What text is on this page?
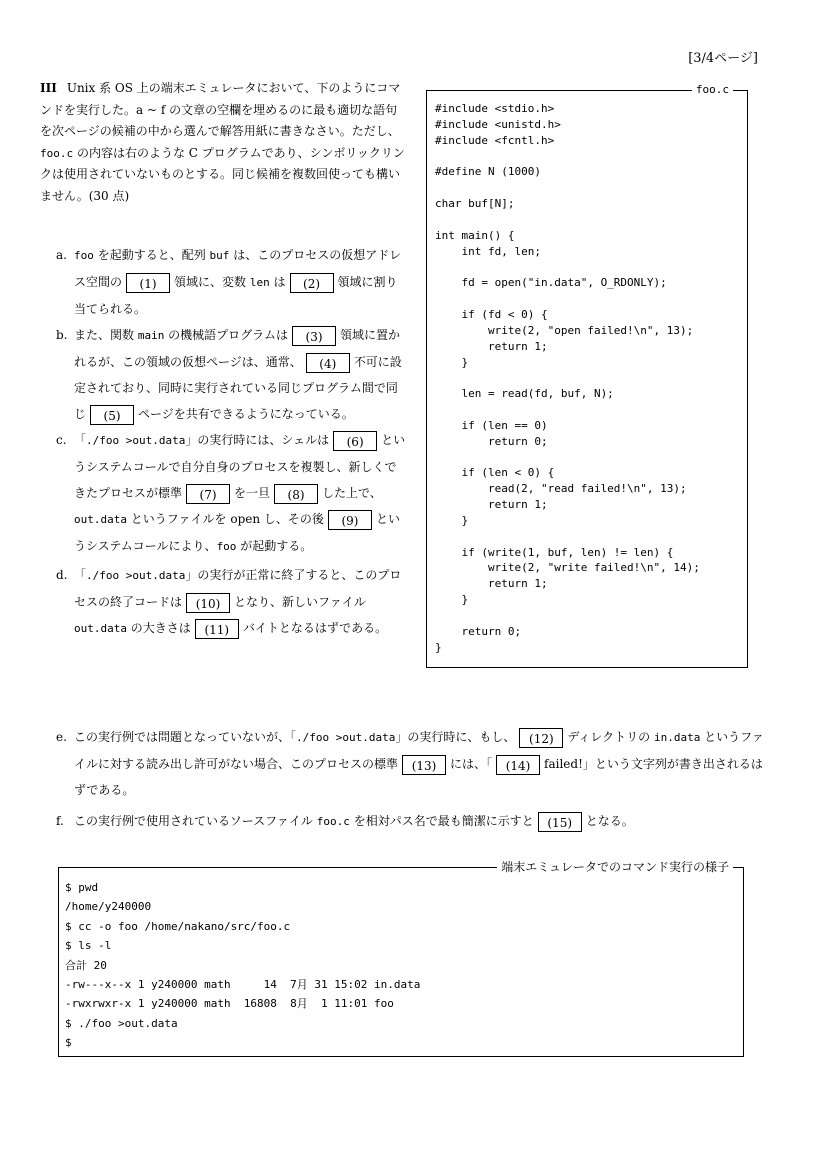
[3/4ページ]
III Unix 系 OS 上の端末エミュレータにおいて、下のようにコマンドを実行した。a ~ f の文章の空欄を埋めるのに最も適切な語句を次ページの候補の中から選んで解答用紙に書きなさい。ただし、foo.c の内容は右のような C プログラムであり、シンボリックリンクは使用されていないものとする。同じ候補を複数回使っても構いません。(30 点)
a. foo を起動すると、配列 buf は、このプロセスの仮想アドレス空間の (1) 領域に、変数 len は (2) 領域に割り当てられる。
b. また、関数 main の機械語プログラムは (3) 領域に置かれるが、この領域の仮想ページは、通常、 (4) 不可に設定されており、同時に実行されている同じプログラム間で同じ (5) ページを共有できるようになっている。
c. 「./foo >out.data」の実行時には、シェルは (6) というシステムコールで自分自身のプロセスを複製し、新しくできたプロセスが標準 (7) を一旦 (8) した上で、out.data というファイルを open し、その後 (9) というシステムコールにより、foo が起動する。
d. 「./foo >out.data」の実行が正常に終了すると、このプロセスの終了コードは (10) となり、新しいファイル out.data の大きさは (11) バイトとなるはずである。
e. この実行例では問題となっていないが、「./foo >out.data」の実行時に、もし、 (12) ディレクトリの in.data というファイルに対する読み出し許可がない場合、このプロセスの標準 (13) には、「 (14) failed!」という文字列が書き出されるはずである。
f. この実行例で使用されているソースファイル foo.c を相対パス名で最も簡潔に示すと (15) となる。
foo.c
#include <stdio.h>
#include <unistd.h>
#include <fcntl.h>

#define N (1000)

char buf[N];

int main() {
int fd, len;

fd = open("in.data", O_RDONLY);

if (fd < 0) {
write(2, "open failed!\n", 13);
return 1;
}

len = read(fd, buf, N);

if (len == 0)
return 0;

if (len < 0) {
read(2, "read failed!\n", 13);
return 1;
}

if (write(1, buf, len) != len) {
write(2, "write failed!\n", 14);
return 1;
}

return 0;
}
端末エミュレータでのコマンド実行の様子
$ pwd
/home/y240000
$ cc -o foo /home/nakano/src/foo.c
$ ls -l
合計 20
-rw---x--x 1 y240000 math     14  7月 31 15:02 in.data
-rwxrwxr-x 1 y240000 math  16808  8月  1 11:01 foo
$ ./foo >out.data
$
